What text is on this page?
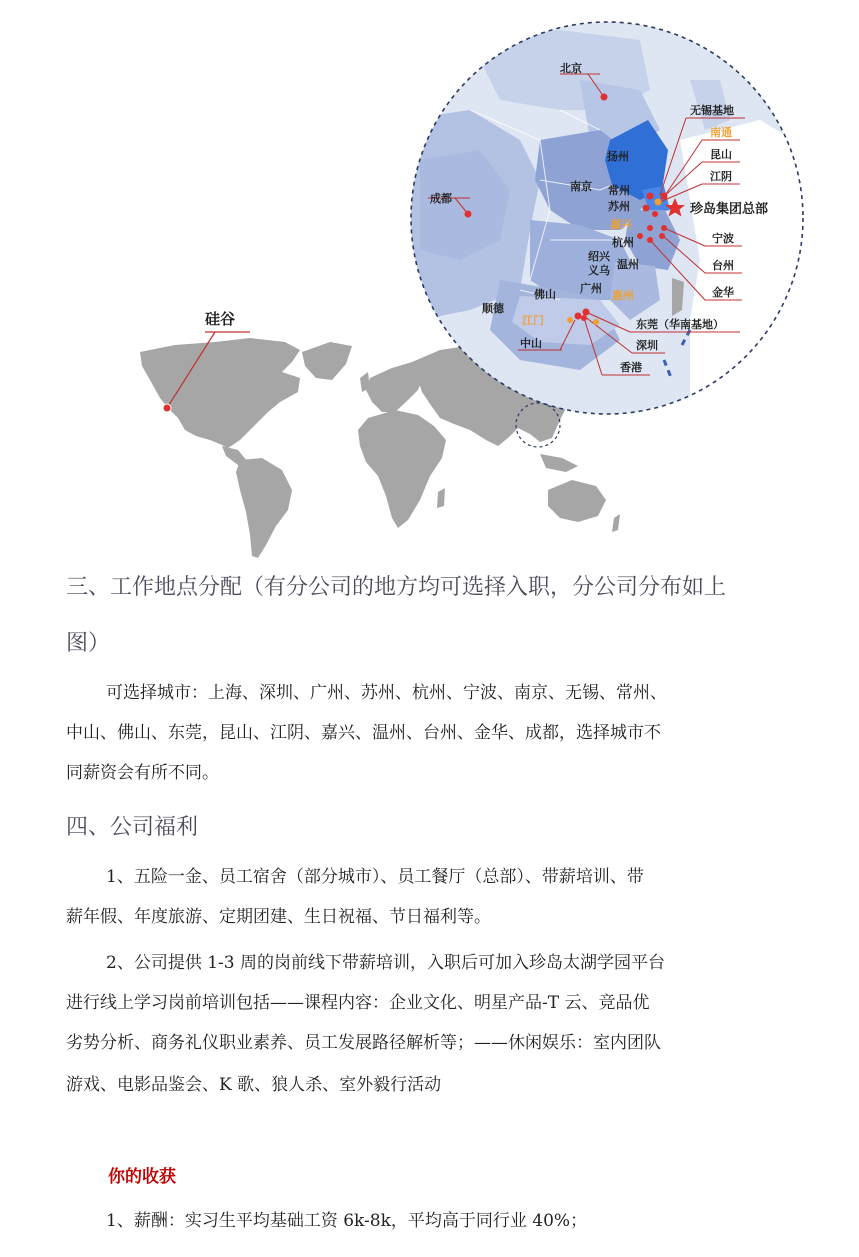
硅谷
北京
扬州
南京 常州
苏州
成都
杭州
温州
绍兴
义乌
广州
佛山
顺德
中山
无锡基地
昆山
江阴
宁波
台州
金华
东莞（华南基地）
深圳
香港
南通
嘉兴
惠州
江门
珍岛集团总部
三、工作地点分配（有分公司的地方均可选择入职，分公司分布如上
图）
可选择城市：上海、深圳、广州、苏州、杭州、宁波、南京、无锡、常州、
中山、佛山、东莞，昆山、江阴、嘉兴、温州、台州、金华、成都，选择城市不
同薪资会有所不同。
四、公司福利
1、五险一金、员工宿舍（部分城市）、员工餐厅（总部）、带薪培训、带
薪年假、年度旅游、定期团建、生日祝福、节日福利等。
2、公司提供 1-3 周的岗前线下带薪培训，入职后可加入珍岛太湖学园平台
进行线上学习岗前培训包括——课程内容：企业文化、明星产品-T 云、竞品优
劣势分析、商务礼仪职业素养、员工发展路径解析等；——休闲娱乐：室内团队
游戏、电影品鉴会、K 歌、狼人杀、室外毅行活动
你的收获
1、薪酬：实习生平均基础工资 6k-8k，平均高于同行业 40%；
